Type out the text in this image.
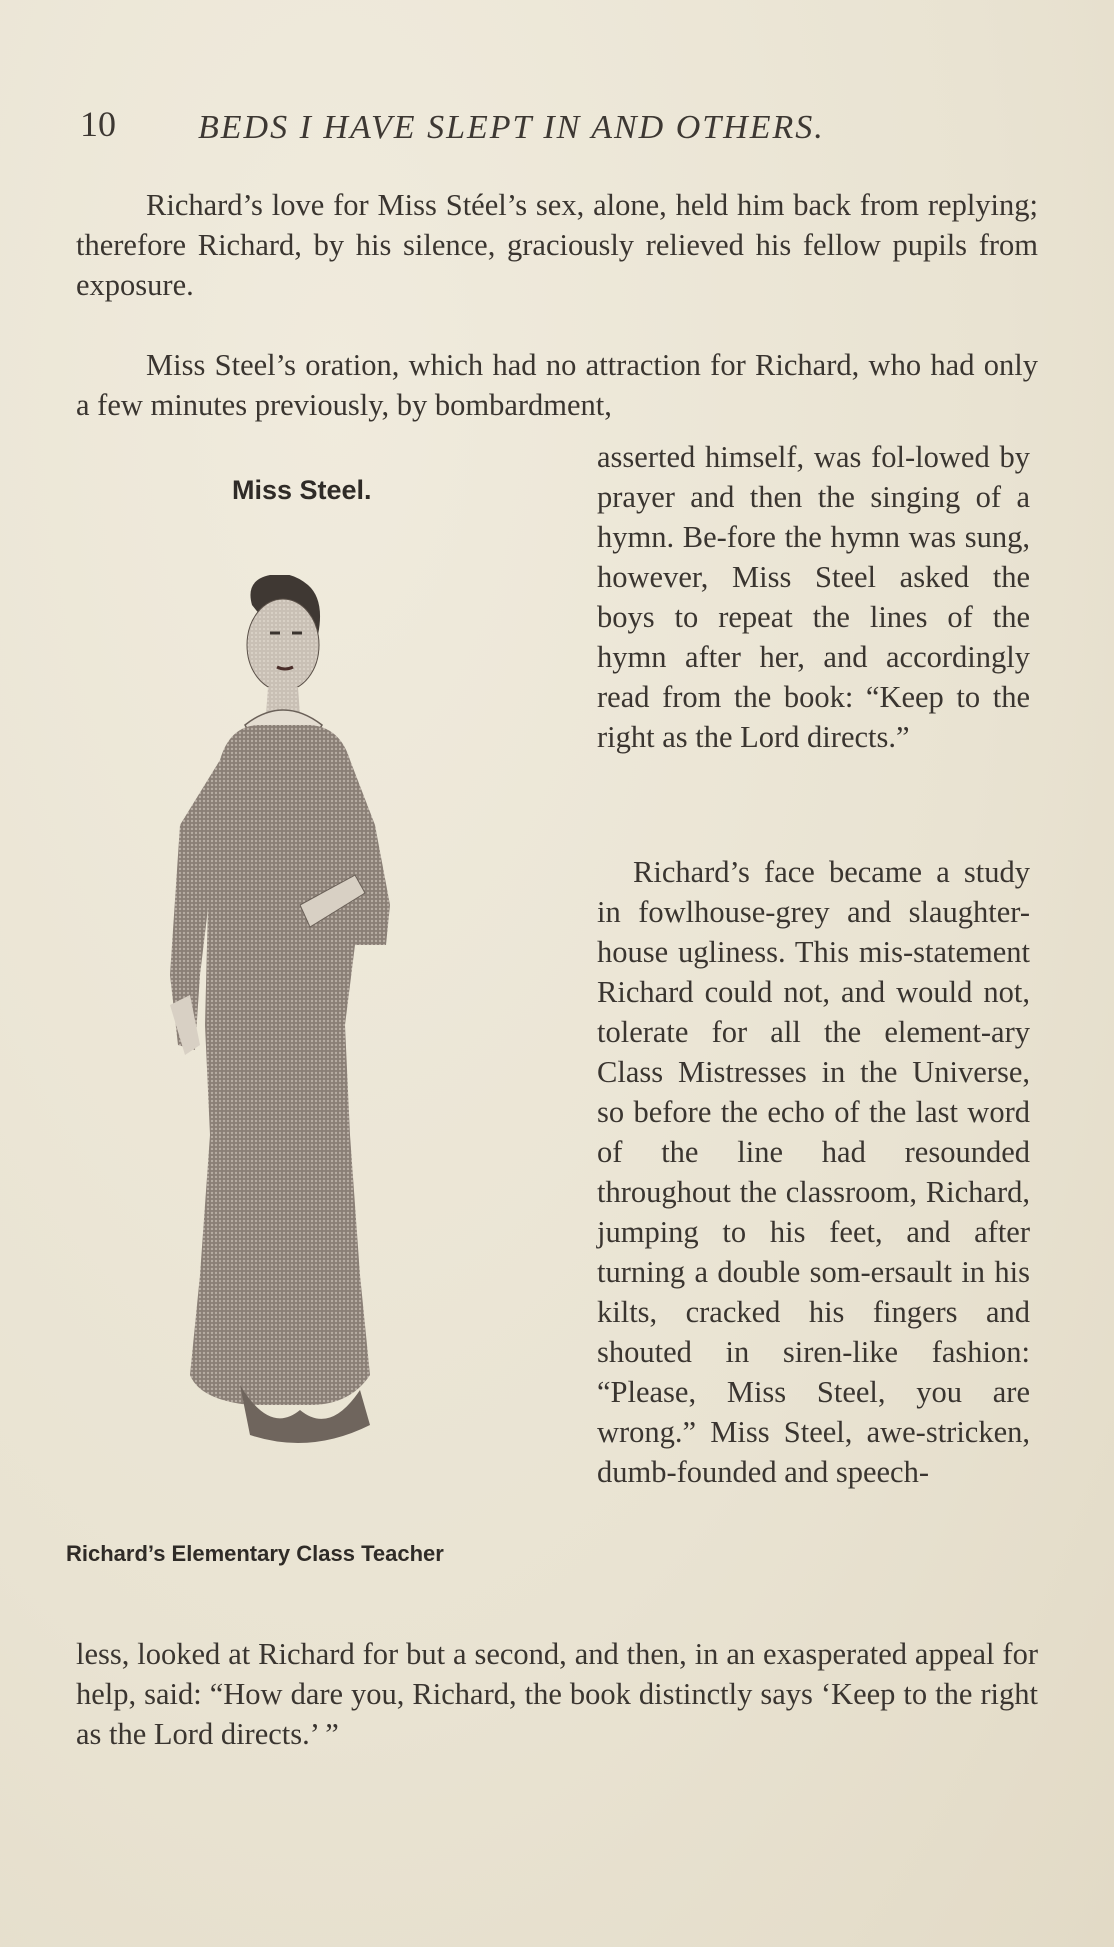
10 BEDS I HAVE SLEPT IN AND OTHERS.

Richard’s love for Miss Stéel’s sex, alone, held him back from replying; therefore Richard, by his silence, graciously relieved his fellow pupils from exposure.

Miss Steel’s oration, which had no attraction for Richard, who had only a few minutes previously, by bombardment,

asserted himself, was fol-lowed by prayer and then the singing of a hymn. Be-fore the hymn was sung, however, Miss Steel asked the boys to repeat the lines of the hymn after her, and accordingly read from the book: “Keep to the right as the Lord directs.”

Richard’s face became a study in fowlhouse-grey and slaughter-house ugliness. This mis-statement Richard could not, and would not, tolerate for all the element-ary Class Mistresses in the Universe, so before the echo of the last word of the line had resounded throughout the classroom, Richard, jumping to his feet, and after turning a double som-ersault in his kilts, cracked his fingers and shouted in siren-like fashion: “Please, Miss Steel, you are wrong.” Miss Steel, awe-stricken, dumb-founded and speech-

less, looked at Richard for but a second, and then, in an exasperated appeal for help, said: “How dare you, Richard, the book distinctly says ‘Keep to the right as the Lord directs.’ ”

Miss Steel.
Richard’s Elementary Class Teacher
